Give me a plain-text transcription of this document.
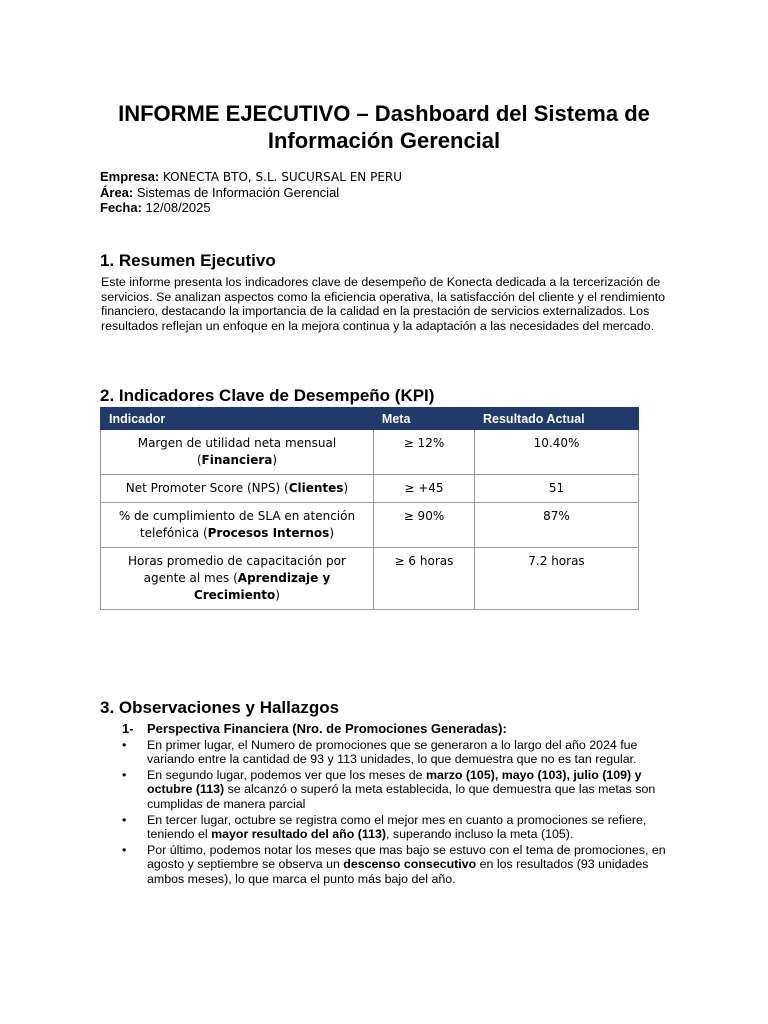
INFORME EJECUTIVO – Dashboard del Sistema de Información Gerencial
Empresa: KONECTA BTO, S.L. SUCURSAL EN PERU
Área: Sistemas de Información Gerencial
Fecha: 12/08/2025
1. Resumen Ejecutivo
Este informe presenta los indicadores clave de desempeño de Konecta dedicada a la tercerización de servicios. Se analizan aspectos como la eficiencia operativa, la satisfacción del cliente y el rendimiento financiero, destacando la importancia de la calidad en la prestación de servicios externalizados. Los resultados reflejan un enfoque en la mejora continua y la adaptación a las necesidades del mercado.
2. Indicadores Clave de Desempeño (KPI)
Indicador	Meta	Resultado Actual
Margen de utilidad neta mensual (Financiera)	≥ 12%	10.40%
Net Promoter Score (NPS) (Clientes)	≥ +45	51
% de cumplimiento de SLA en atención telefónica (Procesos Internos)	≥ 90%	87%
Horas promedio de capacitación por agente al mes (Aprendizaje y Crecimiento)	≥ 6 horas	7.2 horas
3. Observaciones y Hallazgos
1- Perspectiva Financiera (Nro. de Promociones Generadas):
• En primer lugar, el Numero de promociones que se generaron a lo largo del año 2024 fue variando entre la cantidad de 93 y 113 unidades, lo que demuestra que no es tan regular.
• En segundo lugar, podemos ver que los meses de marzo (105), mayo (103), julio (109) y octubre (113) se alcanzó o superó la meta establecida, lo que demuestra que las metas son cumplidas de manera parcial
• En tercer lugar, octubre se registra como el mejor mes en cuanto a promociones se refiere, teniendo el mayor resultado del año (113), superando incluso la meta (105).
• Por último, podemos notar los meses que mas bajo se estuvo con el tema de promociones, en agosto y septiembre se observa un descenso consecutivo en los resultados (93 unidades ambos meses), lo que marca el punto más bajo del año.
